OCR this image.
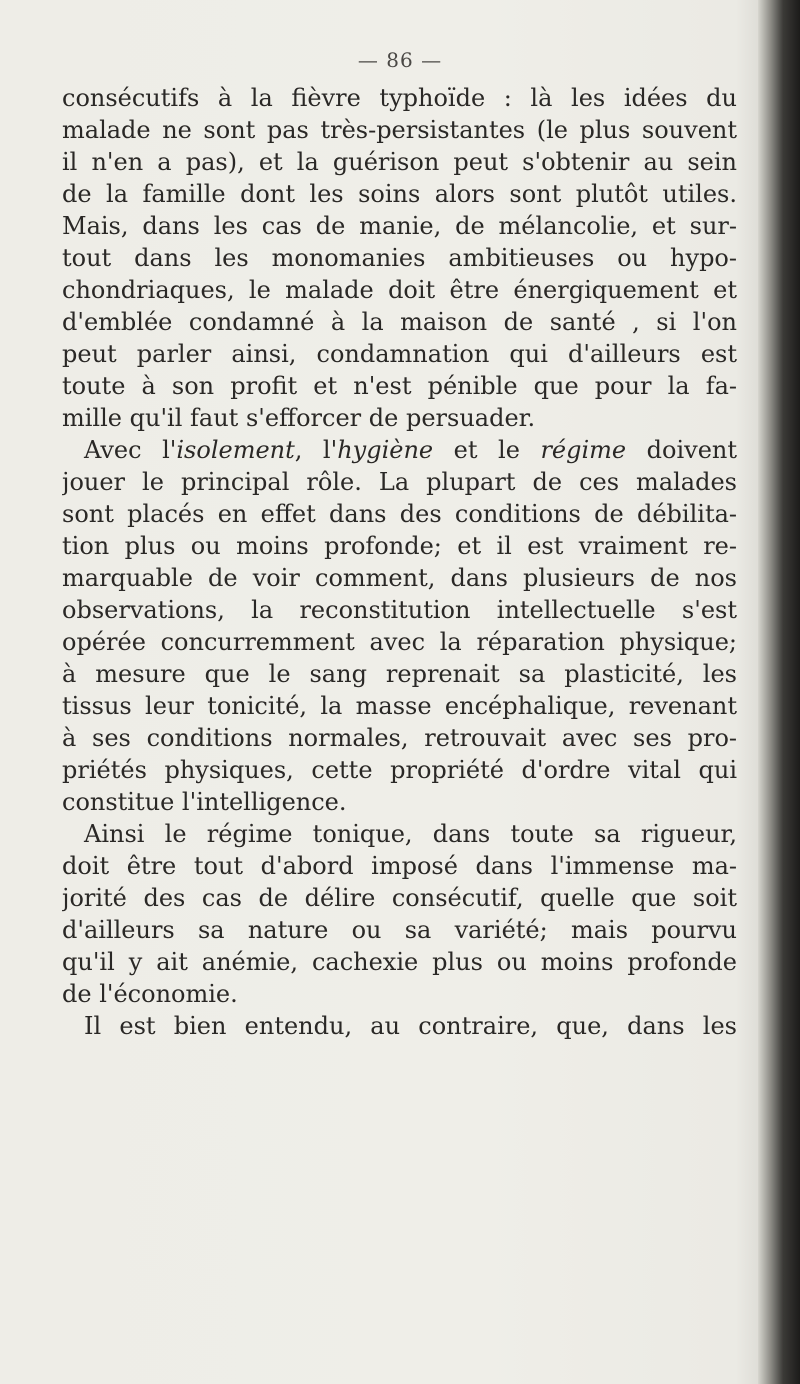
— 86 —
consécutifs à la fièvre typhoïde : là les idées du
malade ne sont pas très-persistantes (le plus souvent
il n'en a pas), et la guérison peut s'obtenir au sein
de la famille dont les soins alors sont plutôt utiles.
Mais, dans les cas de manie, de mélancolie, et sur-
tout dans les monomanies ambitieuses ou hypo-
chondriaques, le malade doit être énergiquement et
d'emblée condamné à la maison de santé , si l'on
peut parler ainsi, condamnation qui d'ailleurs est
toute à son profit et n'est pénible que pour la fa-
mille qu'il faut s'efforcer de persuader.
Avec l'isolement, l'hygiène et le régime doivent
jouer le principal rôle. La plupart de ces malades
sont placés en effet dans des conditions de débilita-
tion plus ou moins profonde; et il est vraiment re-
marquable de voir comment, dans plusieurs de nos
observations, la reconstitution intellectuelle s'est
opérée concurremment avec la réparation physique;
à mesure que le sang reprenait sa plasticité, les
tissus leur tonicité, la masse encéphalique, revenant
à ses conditions normales, retrouvait avec ses pro-
priétés physiques, cette propriété d'ordre vital qui
constitue l'intelligence.
Ainsi le régime tonique, dans toute sa rigueur,
doit être tout d'abord imposé dans l'immense ma-
jorité des cas de délire consécutif, quelle que soit
d'ailleurs sa nature ou sa variété; mais pourvu
qu'il y ait anémie, cachexie plus ou moins profonde
de l'économie.
Il est bien entendu, au contraire, que, dans les
